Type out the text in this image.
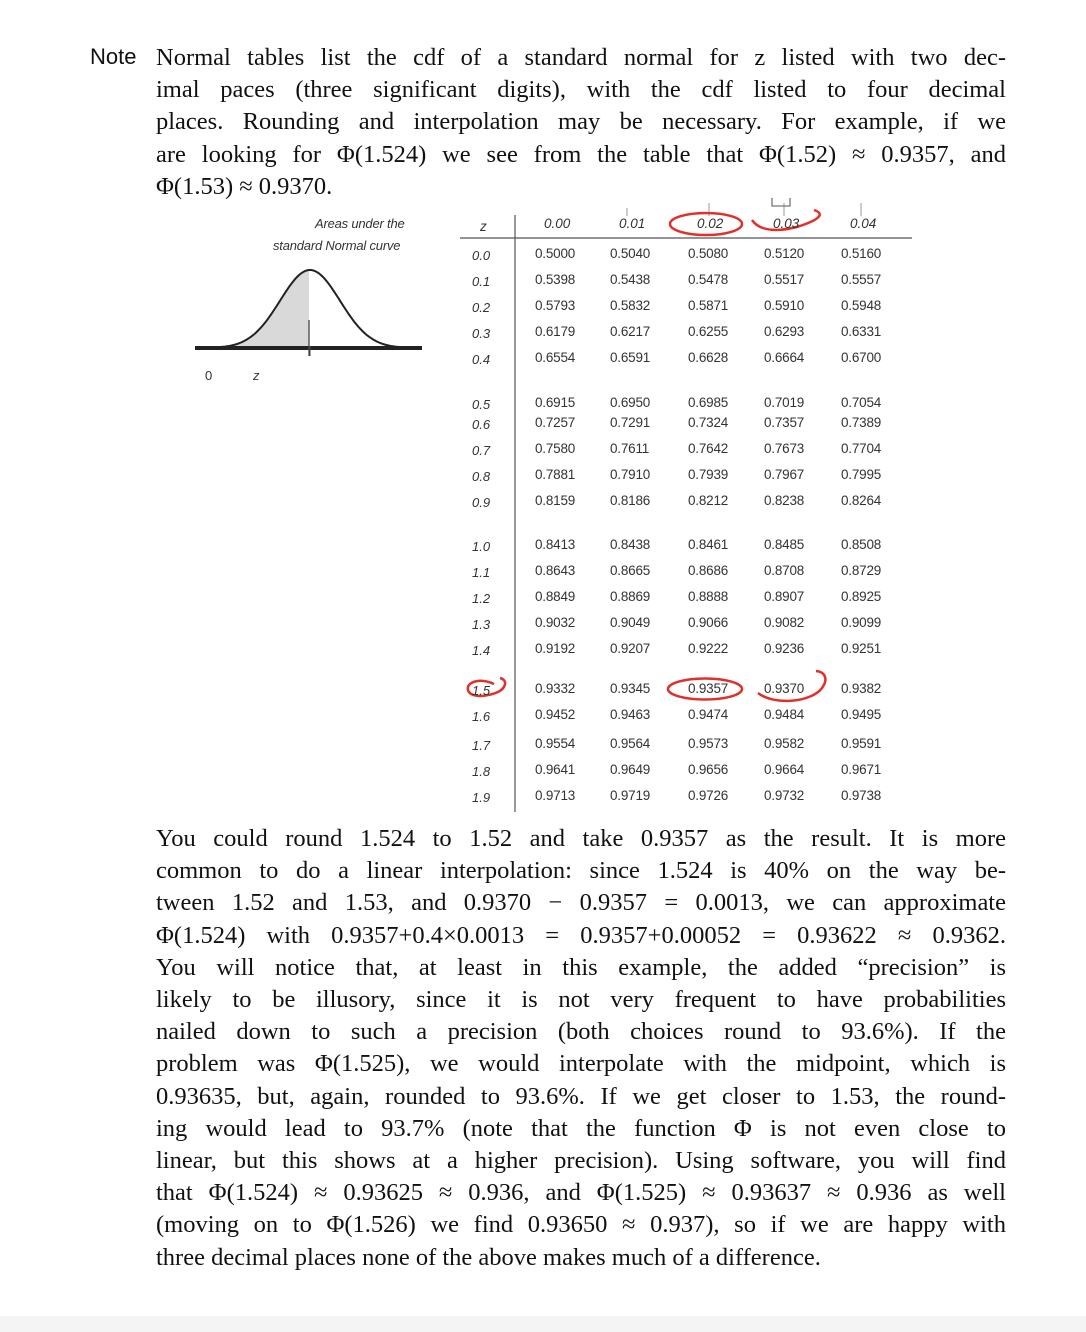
Note Normal tables list the cdf of a standard normal for z listed with two dec-
imal paces (three significant digits), with the cdf listed to four decimal
places. Rounding and interpolation may be necessary. For example, if we
are looking for Φ(1.524) we see from the table that Φ(1.52) ≈ 0.9357, and
Φ(1.53) ≈ 0.9370.
Areas under the
standard Normal curve
0	z
z	0.00	0.01	0.02	0.03	0.04
0.0	0.5000	0.5040	0.5080	0.5120	0.5160
0.1	0.5398	0.5438	0.5478	0.5517	0.5557
0.2	0.5793	0.5832	0.5871	0.5910	0.5948
0.3	0.6179	0.6217	0.6255	0.6293	0.6331
0.4	0.6554	0.6591	0.6628	0.6664	0.6700
0.5	0.6915	0.6950	0.6985	0.7019	0.7054
0.6	0.7257	0.7291	0.7324	0.7357	0.7389
0.7	0.7580	0.7611	0.7642	0.7673	0.7704
0.8	0.7881	0.7910	0.7939	0.7967	0.7995
0.9	0.8159	0.8186	0.8212	0.8238	0.8264
1.0	0.8413	0.8438	0.8461	0.8485	0.8508
1.1	0.8643	0.8665	0.8686	0.8708	0.8729
1.2	0.8849	0.8869	0.8888	0.8907	0.8925
1.3	0.9032	0.9049	0.9066	0.9082	0.9099
1.4	0.9192	0.9207	0.9222	0.9236	0.9251
1.5	0.9332	0.9345	0.9357	0.9370	0.9382
1.6	0.9452	0.9463	0.9474	0.9484	0.9495
1.7	0.9554	0.9564	0.9573	0.9582	0.9591
1.8	0.9641	0.9649	0.9656	0.9664	0.9671
1.9	0.9713	0.9719	0.9726	0.9732	0.9738
You could round 1.524 to 1.52 and take 0.9357 as the result. It is more
common to do a linear interpolation: since 1.524 is 40% on the way be-
tween 1.52 and 1.53, and 0.9370 − 0.9357 = 0.0013, we can approximate
Φ(1.524) with 0.9357+0.4×0.0013 = 0.9357+0.00052 = 0.93622 ≈ 0.9362.
You will notice that, at least in this example, the added “precision” is
likely to be illusory, since it is not very frequent to have probabilities
nailed down to such a precision (both choices round to 93.6%). If the
problem was Φ(1.525), we would interpolate with the midpoint, which is
0.93635, but, again, rounded to 93.6%. If we get closer to 1.53, the round-
ing would lead to 93.7% (note that the function Φ is not even close to
linear, but this shows at a higher precision). Using software, you will find
that Φ(1.524) ≈ 0.93625 ≈ 0.936, and Φ(1.525) ≈ 0.93637 ≈ 0.936 as well
(moving on to Φ(1.526) we find 0.93650 ≈ 0.937), so if we are happy with
three decimal places none of the above makes much of a difference.
